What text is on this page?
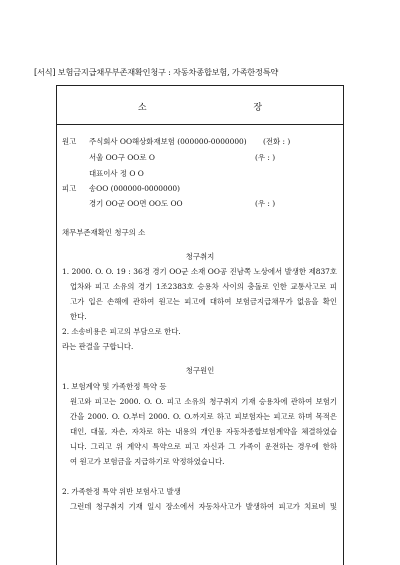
[서식] 보험금지급채무부존재확인청구 : 자동차종합보험, 가족한정특약
소 장
원고 주식회사 OO해상화재보험 (000000-0000000) (전화 : )
서울 OO구 OO로 O	(우 : )
대표이사 정 O O
피고 송OO (000000-0000000)
경기 OO군 OO면 OO도 OO	(우 : )
채무부존재확인 청구의 소
청구취지
1. 2000. O. O. 19 : 36경 경기 OO군 소재 OO공 진남쪽 노상에서 발생한 제837호
업차와 피고 소유의 경기 1조2383호 승용차 사이의 충돌로 인한 교통사고로 피
고가 입은 손해에 관하여 원고는 피고에 대하여 보험금지급채무가 없음을 확인
한다.
2. 소송비용은 피고의 부담으로 한다.
라는 판결을 구합니다.
청구원인
1. 보험계약 및 가족한정 특약 등
원고와 피고는 2000. O. O. 피고 소유의 청구취지 기재 승용차에 관하여 보험기
간을 2000. O. O.부터 2000. O. O.까지로 하고 피보험자는 피고로 하며 목적은
대인, 대물, 자손, 자차로 하는 내용의 개인용 자동차종합보험계약을 체결하였습
니다. 그리고 위 계약시 특약으로 피고 자신과 그 가족이 운전하는 경우에 한하
여 원고가 보험금을 지급하기로 약정하였습니다.
2. 가족한정 특약 위반 보험사고 발생
그런데 청구취지 기재 일시 장소에서 자동차사고가 발생하여 피고가 치료비 및
